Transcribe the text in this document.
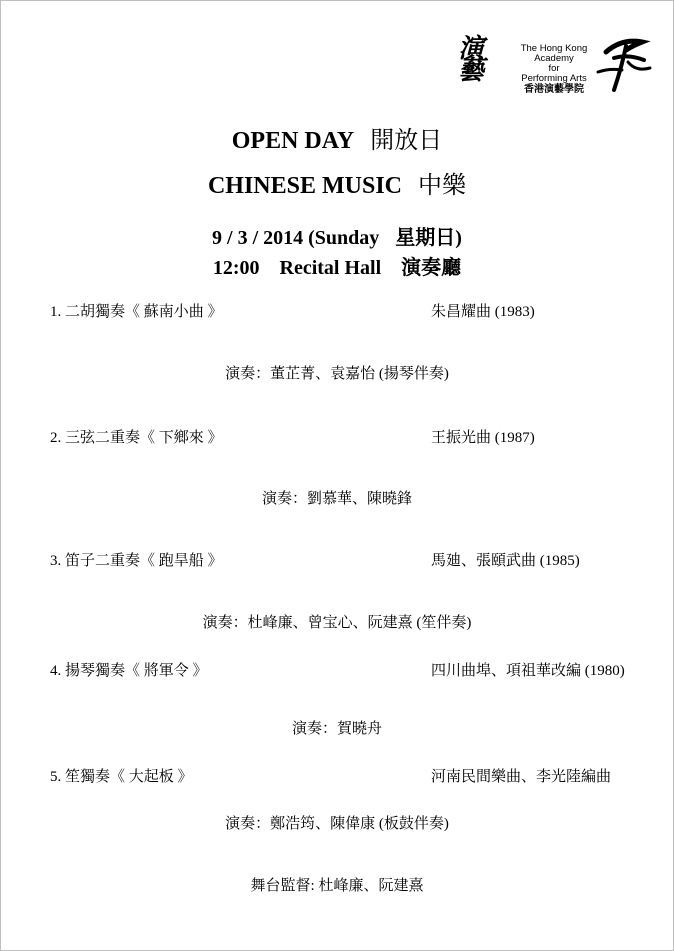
演藝
The Hong Kong Academy
for
Performing Arts
香港演藝學院
OPEN DAY 開放日
CHINESE MUSIC 中樂
9 / 3 / 2014 (Sunday 星期日)
12:00 Recital Hall 演奏廳
1. 二胡獨奏《 蘇南小曲 》	朱昌耀曲 (1983)
演奏：董芷菁、袁嘉怡 (揚琴伴奏)
2. 三弦二重奏《 下鄉來 》	王振光曲 (1987)
演奏：劉慕華、陳曉鋒
3. 笛子二重奏《 跑旱船 》	馬廸、張頤武曲 (1985)
演奏：杜峰廉、曾宝心、阮建熹 (笙伴奏)
4. 揚琴獨奏《 將軍令 》	四川曲埠、項祖華改編 (1980)
演奏：賀曉舟
5. 笙獨奏《 大起板 》	河南民間樂曲、李光陸編曲
演奏：鄭浩筠、陳偉康 (板鼓伴奏)
舞台監督: 杜峰廉、阮建熹
